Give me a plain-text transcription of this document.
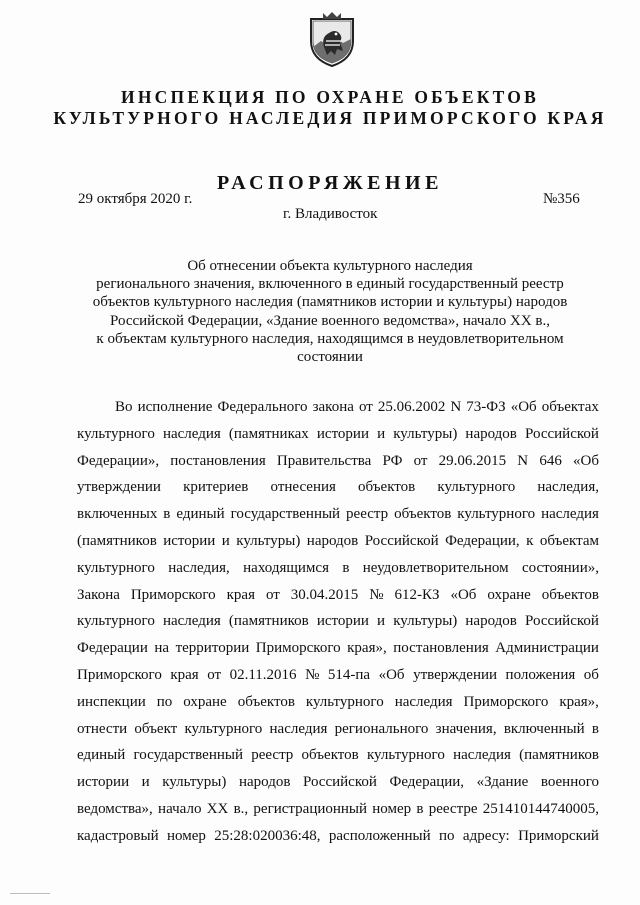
ИНСПЕКЦИЯ ПО ОХРАНЕ ОБЪЕКТОВ
КУЛЬТУРНОГО НАСЛЕДИЯ ПРИМОРСКОГО КРАЯ
РАСПОРЯЖЕНИЕ
29 октября 2020 г.	№356
г. Владивосток
Об отнесении объекта культурного наследия
регионального значения, включенного в единый государственный реестр
объектов культурного наследия (памятников истории и культуры) народов
Российской Федерации, «Здание военного ведомства», начало XX в.,
к объектам культурного наследия, находящимся в неудовлетворительном
состоянии
Во исполнение Федерального закона от 25.06.2002 N 73-ФЗ «Об объектах
культурного наследия (памятниках истории и культуры) народов Российской
Федерации», постановления Правительства РФ от 29.06.2015 N 646 «Об
утверждении критериев отнесения объектов культурного наследия,
включенных в единый государственный реестр объектов культурного наследия
(памятников истории и культуры) народов Российской Федерации, к объектам
культурного наследия, находящимся в неудовлетворительном состоянии»,
Закона Приморского края от 30.04.2015 № 612-КЗ «Об охране объектов
культурного наследия (памятников истории и культуры) народов Российской
Федерации на территории Приморского края», постановления Администрации
Приморского края от 02.11.2016 № 514-па «Об утверждении положения об
инспекции по охране объектов культурного наследия Приморского края»,
отнести объект культурного наследия регионального значения, включенный в
единый государственный реестр объектов культурного наследия (памятников
истории и культуры) народов Российской Федерации, «Здание военного
ведомства», начало XX в., регистрационный номер в реестре 251410144740005,
кадастровый номер 25:28:020036:48, расположенный по адресу: Приморский
